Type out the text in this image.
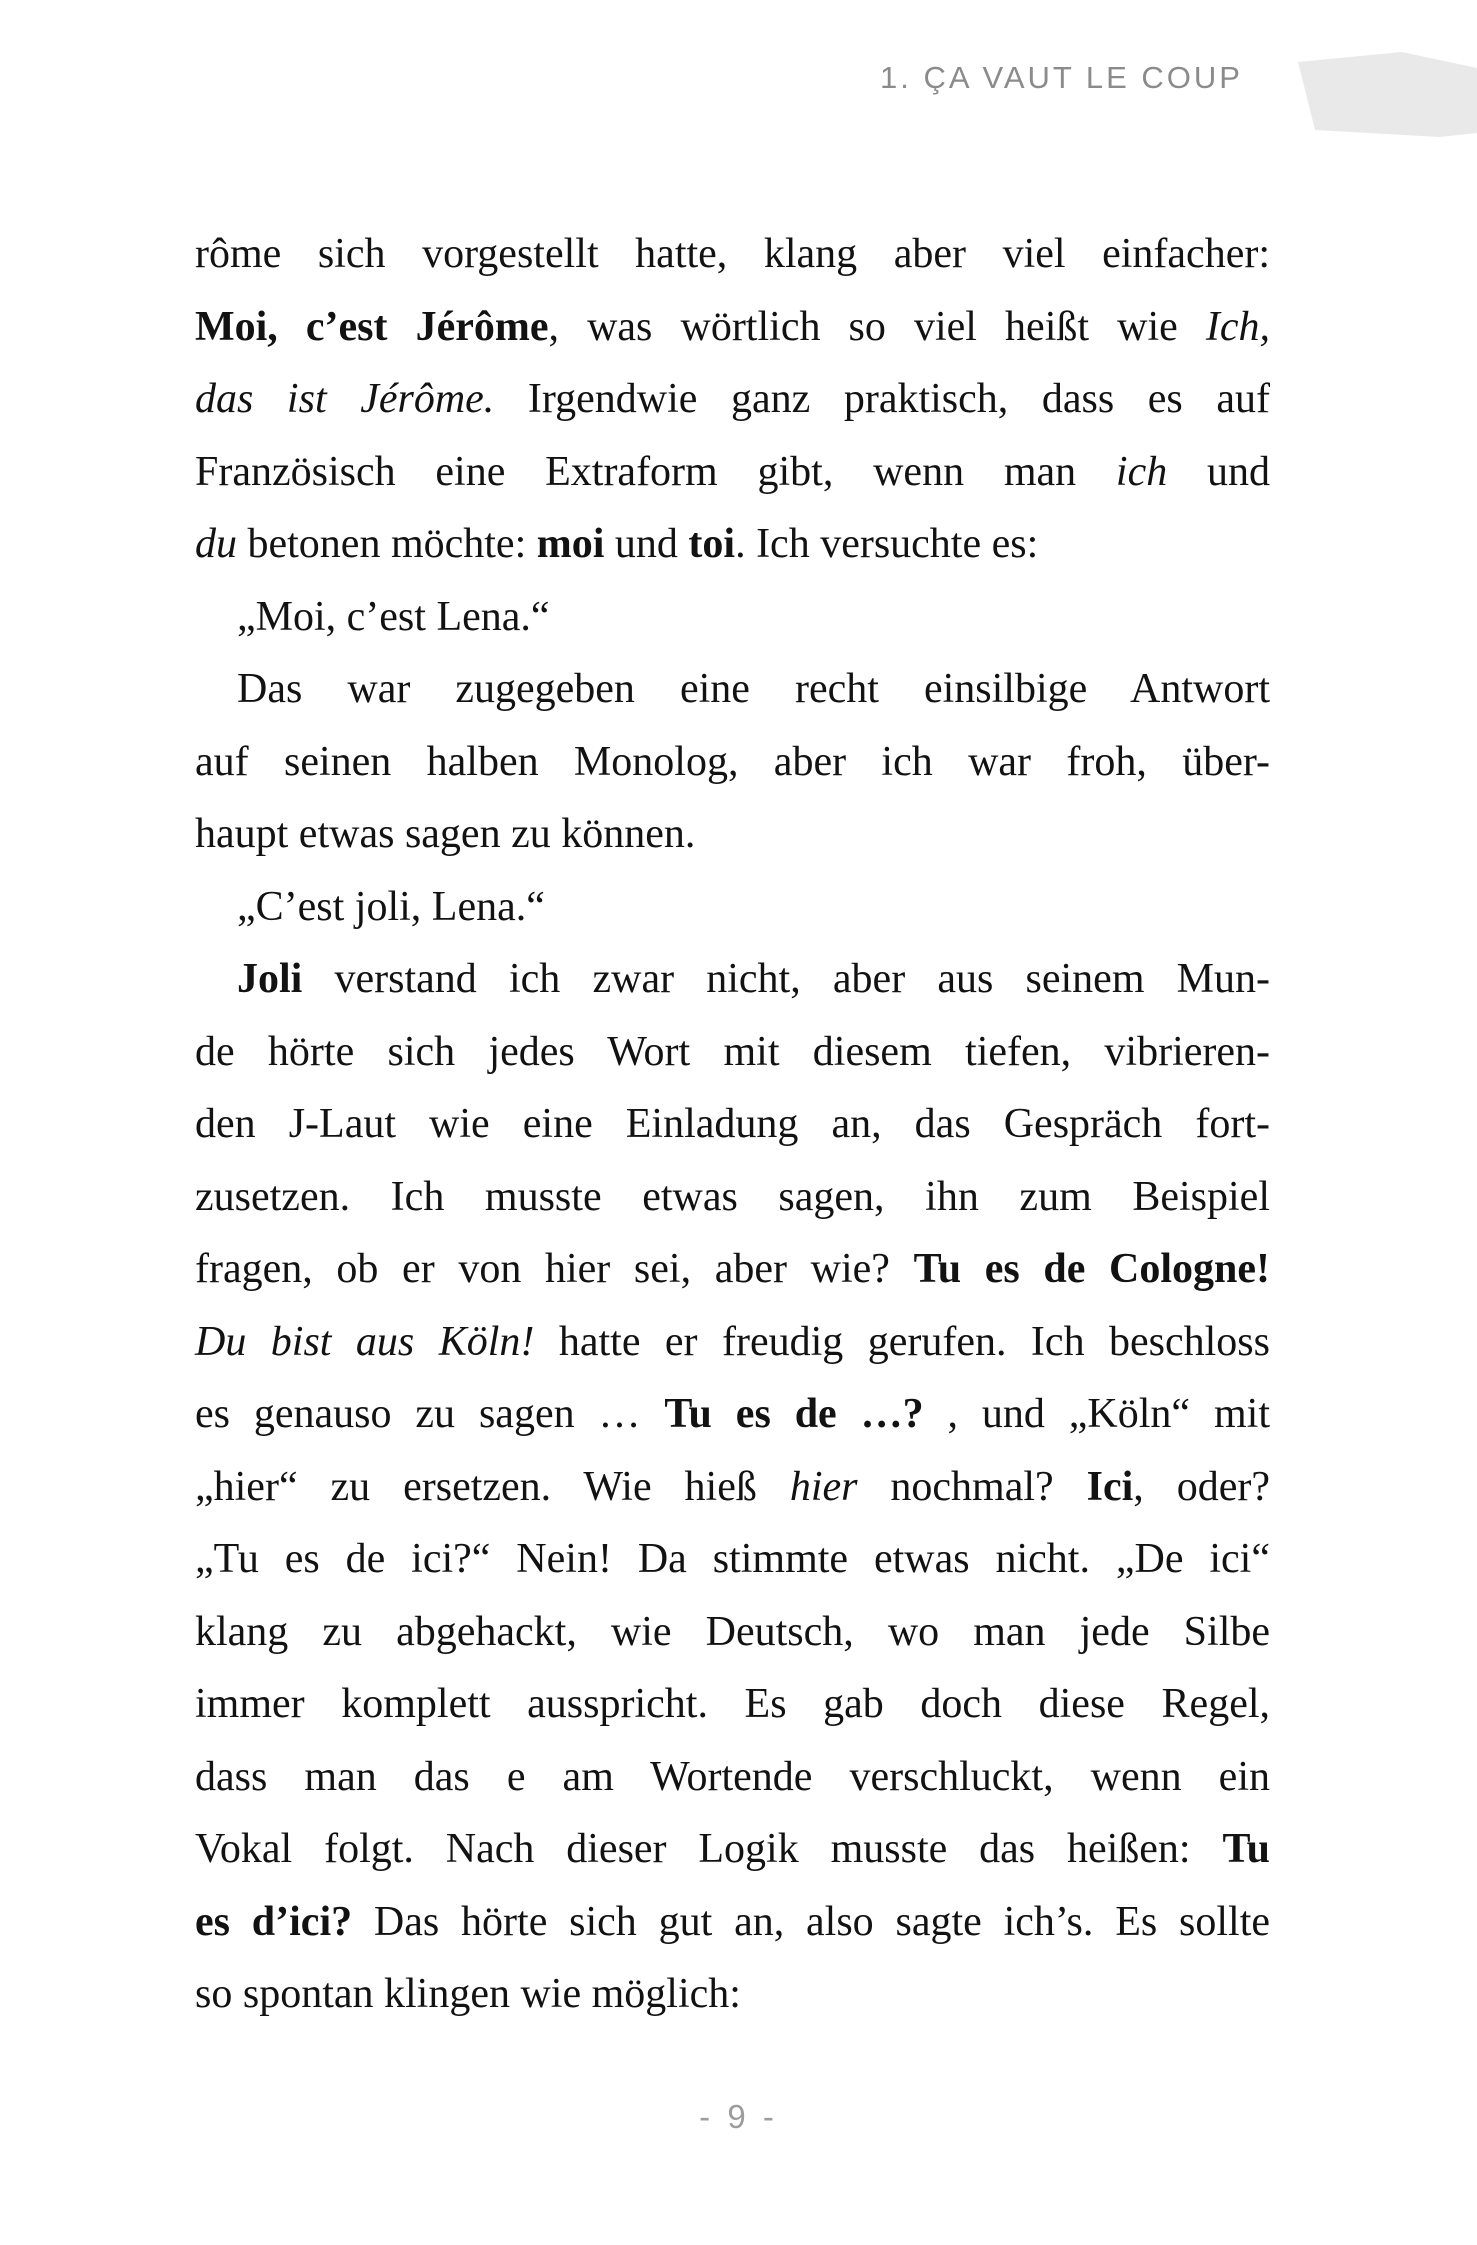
1. ÇA VAUT LE COUP
rôme sich vorgestellt hatte, klang aber viel einfacher:
Moi, c’est Jérôme, was wörtlich so viel heißt wie Ich,
das ist Jérôme. Irgendwie ganz praktisch, dass es auf
Französisch eine Extraform gibt, wenn man ich und
du betonen möchte: moi und toi. Ich versuchte es:
„Moi, c’est Lena.“
Das war zugegeben eine recht einsilbige Antwort
auf seinen halben Monolog, aber ich war froh, über-
haupt etwas sagen zu können.
„C’est joli, Lena.“
Joli verstand ich zwar nicht, aber aus seinem Mun-
de hörte sich jedes Wort mit diesem tiefen, vibrieren-
den J-Laut wie eine Einladung an, das Gespräch fort-
zusetzen. Ich musste etwas sagen, ihn zum Beispiel
fragen, ob er von hier sei, aber wie? Tu es de Cologne!
Du bist aus Köln! hatte er freudig gerufen. Ich beschloss
es genauso zu sagen … Tu es de …? , und „Köln“ mit
„hier“ zu ersetzen. Wie hieß hier nochmal? Ici, oder?
„Tu es de ici?“ Nein! Da stimmte etwas nicht. „De ici“
klang zu abgehackt, wie Deutsch, wo man jede Silbe
immer komplett ausspricht. Es gab doch diese Regel,
dass man das e am Wortende verschluckt, wenn ein
Vokal folgt. Nach dieser Logik musste das heißen: Tu
es d’ici? Das hörte sich gut an, also sagte ich’s. Es sollte
so spontan klingen wie möglich:
- 9 -
